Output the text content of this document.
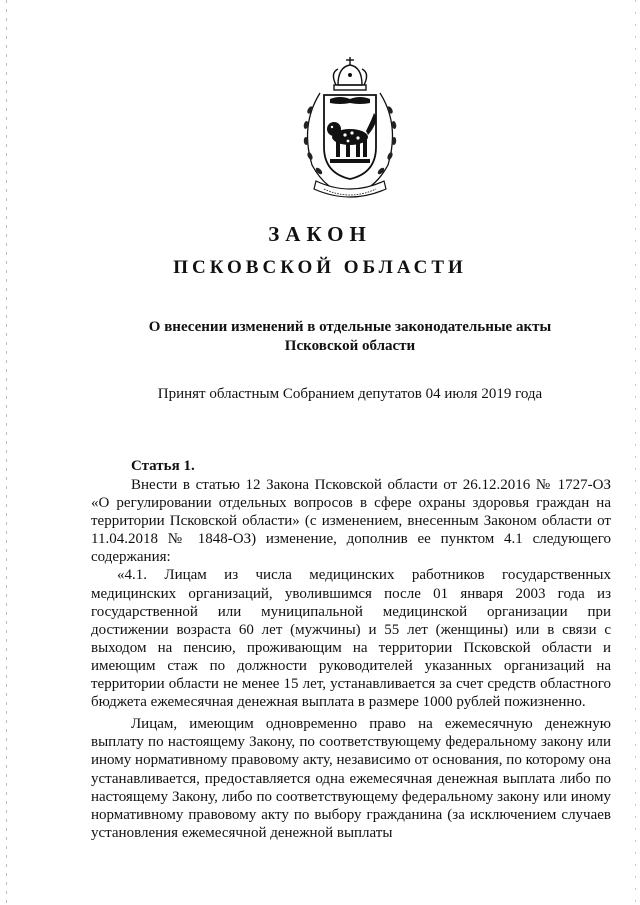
ЗАКОН
ПСКОВСКОЙ ОБЛАСТИ
О внесении изменений в отдельные законодательные акты
Псковской области
Принят областным Собранием депутатов 04 июля 2019 года
Статья 1.

Внести в статью 12 Закона Псковской области от 26.12.2016 № 1727-ОЗ «О регулировании отдельных вопросов в сфере охраны здоровья граждан на территории Псковской области» (с изменением, внесенным Законом области от 11.04.2018 № 1848-ОЗ) изменение, дополнив ее пунктом 4.1 следующего содержания:

«4.1. Лицам из числа медицинских работников государственных медицинских организаций, уволившимся после 01 января 2003 года из государственной или муниципальной медицинской организации при достижении возраста 60 лет (мужчины) и 55 лет (женщины) или в связи с выходом на пенсию, проживающим на территории Псковской области и имеющим стаж по должности руководителей указанных организаций на территории области не менее 15 лет, устанавливается за счет средств областного бюджета ежемесячная денежная выплата в размере 1000 рублей пожизненно.

Лицам, имеющим одновременно право на ежемесячную денежную выплату по настоящему Закону, по соответствующему федеральному закону или иному нормативному правовому акту, независимо от основания, по которому она устанавливается, предоставляется одна ежемесячная денежная выплата либо по настоящему Закону, либо по соответствующему федеральному закону или иному нормативному правовому акту по выбору гражданина (за исключением случаев установления ежемесячной денежной выплаты
